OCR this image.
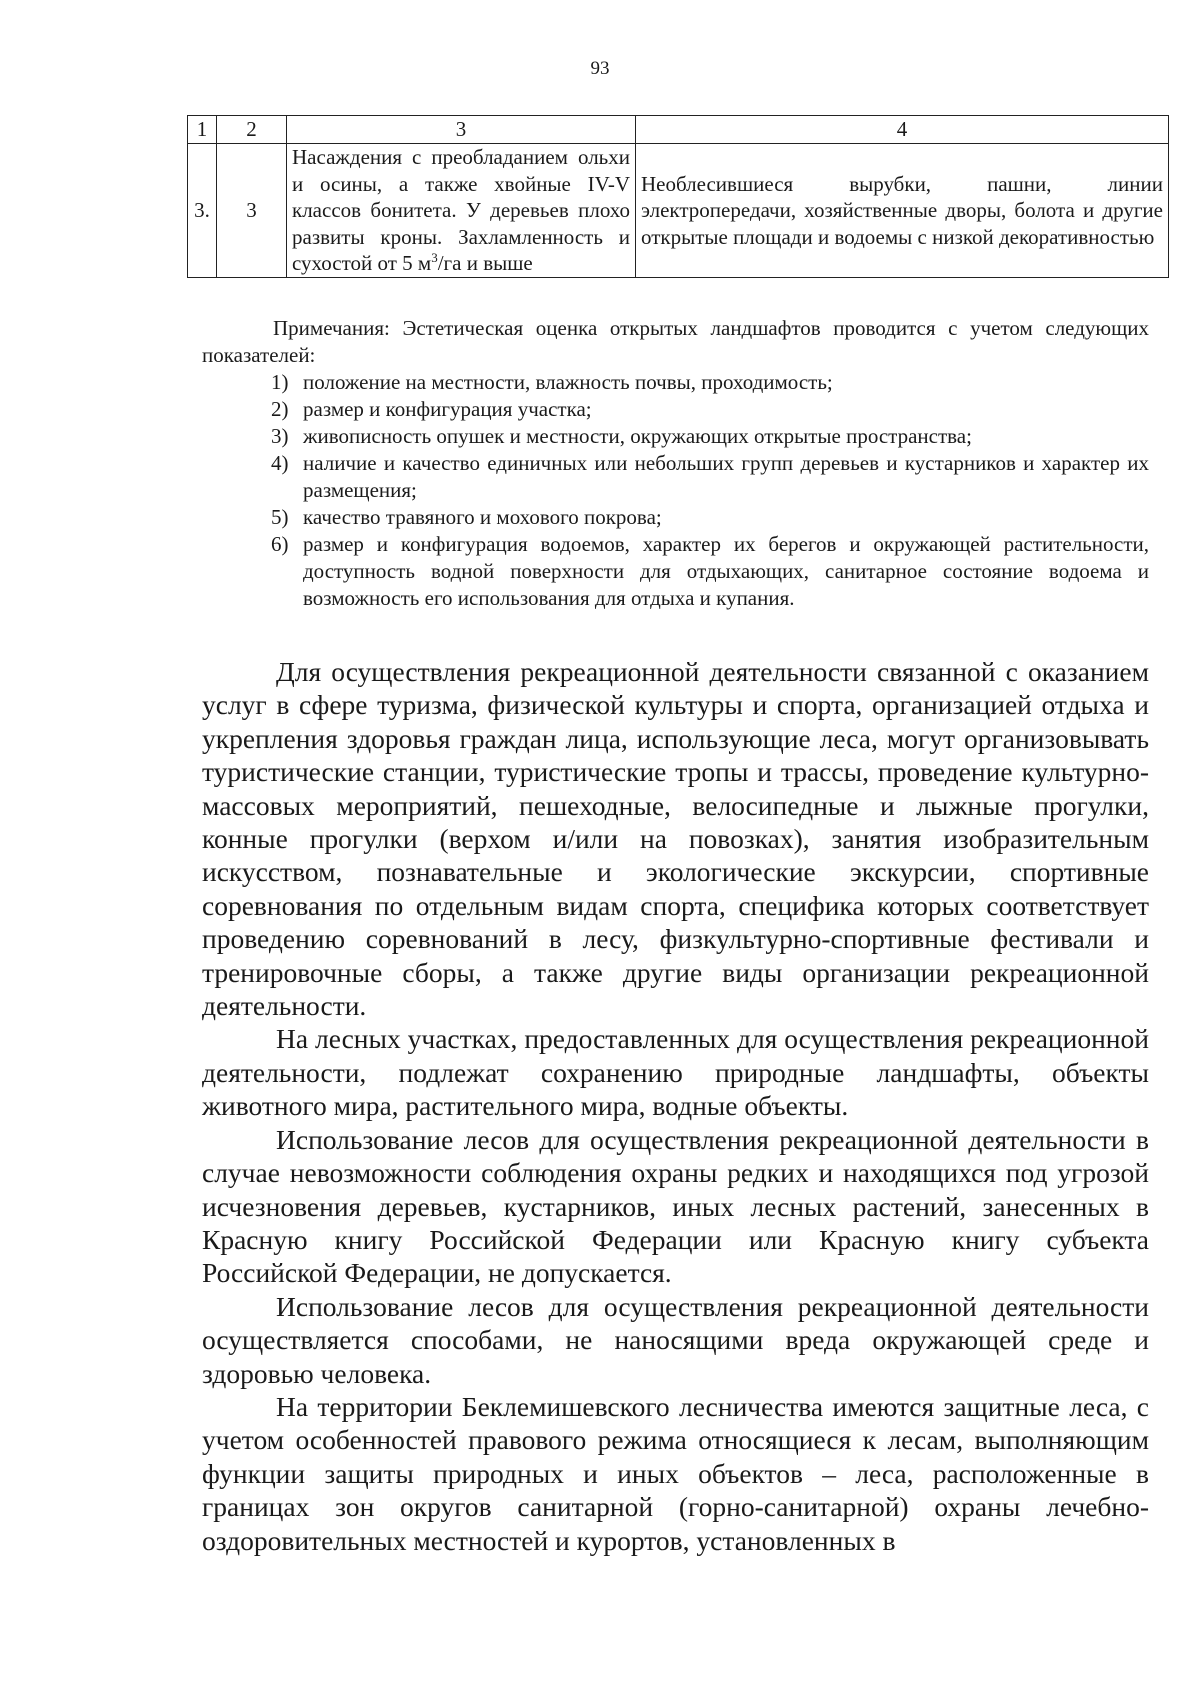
93
1	2	3	4
3.	3	Насаждения с преобладанием ольхи и осины, а также хвойные IV-V классов бонитета. У деревьев плохо развиты кроны. Захламленность и сухостой от 5 $м^3/га$ и выше	Необлесившиеся вырубки, пашни, линии электропередачи, хозяйственные дворы, болота и другие открытые площади и водоемы с низкой декоративностью

Примечания: Эстетическая оценка открытых ландшафтов проводится с учетом следующих показателей:

1) положение на местности, влажность почвы, проходимость;
2) размер и конфигурация участка;
3) живописность опушек и местности, окружающих открытые пространства;
4) наличие и качество единичных или небольших групп деревьев и кустарников и характер их размещения;
5) качество травяного и мохового покрова;
6) размер и конфигурация водоемов, характер их берегов и окружающей растительности, доступность водной поверхности для отдыхающих, санитарное состояние водоема и возможность его использования для отдыха и купания.

Для осуществления рекреационной деятельности связанной с оказанием услуг в сфере туризма, физической культуры и спорта, организацией отдыха и укрепления здоровья граждан лица, использующие леса, могут организовывать туристические станции, туристические тропы и трассы, проведение культурно-массовых мероприятий, пешеходные, велосипедные и лыжные прогулки, конные прогулки (верхом и/или на повозках), занятия изобразительным искусством, познавательные и экологические экскурсии, спортивные соревнования по отдельным видам спорта, специфика которых соответствует проведению соревнований в лесу, физкультурно-спортивные фестивали и тренировочные сборы, а также другие виды организации рекреационной деятельности.

На лесных участках, предоставленных для осуществления рекреационной деятельности, подлежат сохранению природные ландшафты, объекты животного мира, растительного мира, водные объекты.

Использование лесов для осуществления рекреационной деятельности в случае невозможности соблюдения охраны редких и находящихся под угрозой исчезновения деревьев, кустарников, иных лесных растений, занесенных в Красную книгу Российской Федерации или Красную книгу субъекта Российской Федерации, не допускается.

Использование лесов для осуществления рекреационной деятельности осуществляется способами, не наносящими вреда окружающей среде и здоровью человека.

На территории Беклемишевского лесничества имеются защитные леса, с учетом особенностей правового режима относящиеся к лесам, выполняющим функции защиты природных и иных объектов – леса, расположенные в границах зон округов санитарной (горно-санитарной) охраны лечебно-оздоровительных местностей и курортов, установленных в
